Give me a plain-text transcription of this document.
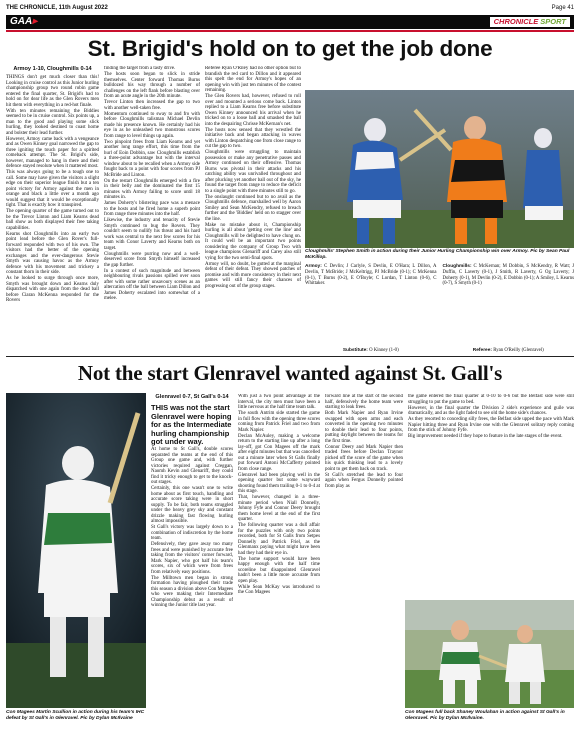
THE CHRONICLE, 11th August 2022	Page 41
GAA▸	CHRONICLE SPORT
St. Brigid's hold on to get the job done
Armoy 1-10, Cloughmills 0-14

THINGS don't get much closer than this! Looking in cruise control as this Junior hurling championship group two round robin game entered the final quarter, St. Brigid's had to hold on for dear life as the Glen Rovers men hit them with everything in a red-hot finale.

With ten minutes remaining the Biddies seemed to be in cruise control. Six points up, a man to the good and playing some slick hurling, they looked destined to coast home and bolster their lead further.

However, Armoy came back with a vengeance and as Owen Kinney goal narrowed the gap to three igniting the touch paper for a spirited comeback attempt. The St. Brigid's side, however, managed to hang in there and their defence stayed resolute when it mattered most.

This was always going to be a tough one to call. Some may have given the visitors a slight edge on their superior league finish but a ten point victory for Armoy against the men in orange and black a little over a month ago would suggest that it would be exceptionally tight. That is exactly how it transpired.

The opening quarter of the game turned out to be the Trevor Linton and Liam Kearns dead ball show as both displayed their free taking capabilities.

Kearns shot Cloughmills into an early two point lead before the Glen Rover's full-forward responded with two of his own. The visitors had the better of the opening exchanges and the ever-dangerous Stevie Smyth was causing havoc as the Armoy defence with his movement and trickery a constant thorn in their side.

As he looked to surge through once more, Smyth was brought down and Kearns duly dispatched with one again from the dead ball before Ciaran McKenna responded for the Rovers

finding the target from a tasty drive.

The hosts soon began to slick in stride themselves. Center forward Thomas Burns bulldozed his way through a number of challenges on the left flank before blasting over from an acute angle in the 20th minute.

Trevor Linton then increased the gap to two with another well-taken free.

Momentum continued to sway to and fro with before Cloughmills talisman Michael Devlin made his presence known. He certainly had his eye in as he unleashed two monstrous scores from range to level things up again.

Two pinpoint frees from Liam Kearns and yet another long range effort, this time from the hurl of Eoin Dobbin, saw Cloughmills establish a three-point advantage but with the interval window about to be recalled when a Armoy side fought back to a point with four scores from PJ McBride and Linton.

On the restart Cloughmills emerged with a fire in their belly and the dominated the first 15 minutes with Armoy failing to score until 18 minutes in.

James Doherty's blistering pace was a menace to the hosts and he fired home a superb point from range three minutes into the half.

Likewise, the industry and tenacity of Stevie Smyth continued to bug the Rovers. They couldn't seem to nullify his threat and his hard work was central to the next few scores for his team with Conor Laverty and Kearns both on target.

Cloughmills were purring now and a well-deserved score from Smyth himself increased the gap further.

In a contest of such magnitude and between neighbouring rivals passions spilled over soon after with some rather unsavoury scenes as an altercation off the ball between Liam Dillon and James Doherty escalated into somewhat of a melee.

Referee Ryan O'Riley had no other option but to brandish the red card to Dillon and it appeared this spelt the end for Armoy's hopes of an opening win with just ten minutes of the contest remaining.

The Glen Rovers had, however, refused to roll over and mounted a serious come back. Linton replied to a Liam Kearns free before substitute Owen Kinney announced his arrival when he tricked on to a loose ball and smashed the ball into the despairing Chrisse McKernan's net.

The hosts now sensed that they wrestled the initiative back and began attacking in waves with Linton despatching one from close range to cut the gap to two.

Cloughmills were struggling to maintain possession or make any penetrative passes and Armoy continued on their offensive. Thomas Burns was pivotal in their attacks and his catching ability was unrivalled throughout and after plucking yet another ball out of the sky, he found the target from range to reduce the deficit to a single point with three minutes still to go.

The onslaught continued but to no avail as the Cloughmills defence, marshalled well by Aaron Smiley and Sean McKendry, refused to breach further and the 'Biddies' held on to stagger over the line.

Make no mistake about it, Championship hurling is all about 'getting over the line' and Cloughmills will be delighted to have clung on. It could well be an important two points considering the company of Group Two with league champions Glenariff and Carey also still vying for the two semi-final spots.

Armoy will, no doubt, be gutted at the marginal defeat of their defeat. They showed patches of promise and with more consistency in their next games will still fancy their chances of progressing out of the group stages.

Cloughmills' Stephen Smith in action during their Junior Hurling Championship win over Armoy. Pic by Sean Paul McKillop.
Armoy: C Devlin; J Carlyle, S Devlin, E O'Hara; L Dillon, A Devlin, T McBride; J McKeltrigg, PJ McBride (0-1); C McKenna (0-1), T Burns (0-2), E O'Boyle; C Lordan, T Linton (0-6), C Whittaker.
Cloughmills: C McKernan; M Dobbin, S McKendry, R Watt; J Duffin, C Laverty (0-1), J Smith, R Laverty, G Og Laverty; J Doherty (0-1), M Devlin (0-2), E Dobbin (0-1); A Smiley, L Kearns (0-7), S Smyth (0-1)
Substitute: O Kinney (1-0)	Referee: Ryan O'Reilly (Glenravel)
Not the start Glenravel wanted against St. Gall's
Con Magees Martin Scullion in action during his team's IHC defeat by St Gall's in Glenravel. Pic by Dylan McIlvaine
Glenravel 0-7, St Gall's 0-14

THIS was not the start Glenravel were hoping for as the Intermediate hurling championship got under way.

At home to St Gall's, double scores separated the teams at the end of this Group one game and, with further victories required against Creggan, Naomh Kevin and Glenariff, they could find it tricky enough to get to the knock-out stages.

Certainly, this one wasn't one to write home about as first touch, handling and accurate score taking were in short supply. To be fair, both teams struggled under the heavy grey sky and constant drizzle making fast flowing hurling almost impossible.

St Gall's victory was largely down to a combination of indiscretion by the home team.

Defensively, they gave away too many frees and were punished by accurate free taking from the visitors' corner forward, Mark Napier, who got half his team's scores, six of which were from frees from relatively easy positions.

The Milltown men began in strong formation having ploughed their trade this season a division above Con Magees who were making their Intermediate Championship debut as a result of winning the Junior title last year.

With just a two point advantage at the interval, the city men must have been a little nervous at the half time team talk.

The south Antrim side started the game in full flow with the opening three scores coming from Patrick Friel and two from Mark Napier.

Declan McAuley, making a welcome return to the starting line up after a long lay-off, got Con Magees off the mark after eight minutes but that was cancelled out a minute later when St Galls finally put forward Antoni McCafferty pointed from close range.

Glenravel had been playing well in the opening quarter but some wayward shooting found them trailing 0-1 to 0-4 at this stage.

That, however, changed in a three-minute period when Niall Donnelly, Johnny Fyfe and Connor Deery brought them home level at the end of the first quarter.

The following quarter was a dull affair for the puzzles with only two points recorded, both for St Galls from Setpes Donnelly and Patrick Friel, as the Glenmanx paying what might have been had they had their eye in.

The home support would have been happy enough with the half time scoreline but disappointed Glenravel hadn't been a little more accurate from open play.

While Sean McKay was introduced to the Con Magees

forward line at the start of the second half, defensively the home team were starting to leak frees.

Both Mark Napier and Ryan Irvine swapped with open arms and each converted in the opening two minutes to double their lead to four points, putting daylight between the teams for the first time.

Connor Deery and Mark Napier then traded frees before Declan Traynor picked off the score of the game when his quick thinking lead to a lovely point to get them back on track.

St Gall's stretched the lead to four again when Fergus Donnelly pointed from play as

the game entered the final quarter at 0-10 to 0-6 but the Belfast side were still struggling to put the game to bed.

However, in the final quarter the Division 2 side's experience and guile was dramatically, and as the light faded to see old the home side's chances.

As they resorted to conceding silly frees, the Belfast side upped the pace with Mark Napier hitting three and Ryan Irvine one with the Glenravel solitary reply coming from the stick of Johnny Fyfe.

Big improvement needed if they hope to feature in the late stages of the event.

Con Magees full back Shaney Woulahan in action against St Gall's in Glenravel. Pic by Dylan McIlvaine.
